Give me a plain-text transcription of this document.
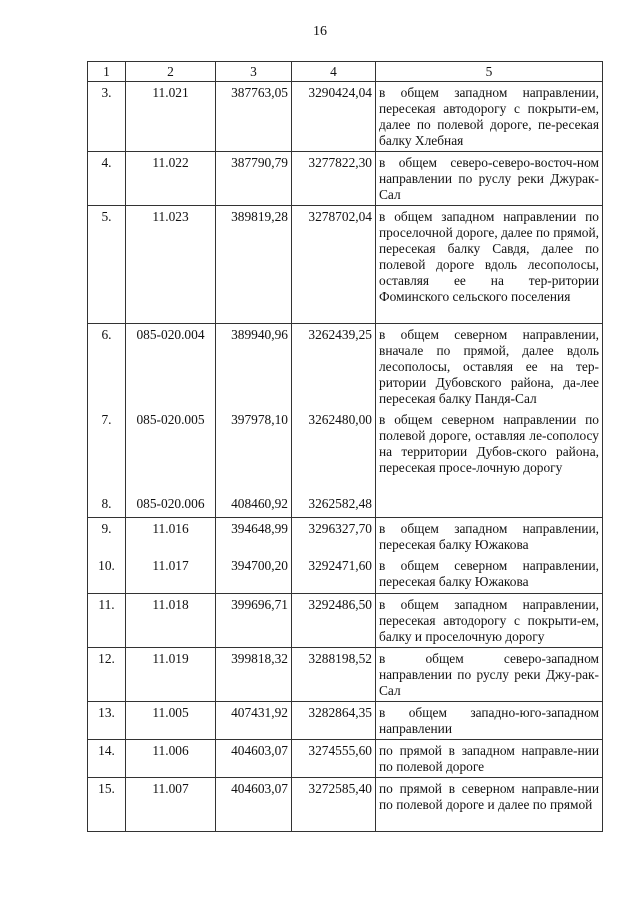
16
1	2	3	4	5
3.	11.021	387763,05	3290424,04	в общем западном направлении, пересекая автодорогу с покрыти-ем, далее по полевой дороге, пе-ресекая балку Хлебная
4.	11.022	387790,79	3277822,30	в общем северо-северо-восточ-ном направлении по руслу реки Джурак-Сал
5.	11.023	389819,28	3278702,04	в общем западном направлении по проселочной дороге, далее по прямой, пересекая балку Савдя, далее по полевой дороге вдоль лесополосы, оставляя ее на тер-ритории Фоминского сельского поселения
6.	085-020.004	389940,96	3262439,25	в общем северном направлении, вначале по прямой, далее вдоль лесополосы, оставляя ее на тер-ритории Дубовского района, да-лее пересекая балку Пандя-Сал
7.	085-020.005	397978,10	3262480,00	в общем северном направлении по полевой дороге, оставляя ле-сополосу на территории Дубов-ского района, пересекая просе-лочную дорогу
8.	085-020.006	408460,92	3262582,48	
9.	11.016	394648,99	3296327,70	в общем западном направлении, пересекая балку Южакова
10.	11.017	394700,20	3292471,60	в общем северном направлении, пересекая балку Южакова
11.	11.018	399696,71	3292486,50	в общем западном направлении, пересекая автодорогу с покрыти-ем, балку и проселочную дорогу
12.	11.019	399818,32	3288198,52	в общем северо-западном направлении по руслу реки Джу-рак-Сал
13.	11.005	407431,92	3282864,35	в общем западно-юго-западном направлении
14.	11.006	404603,07	3274555,60	по прямой в западном направле-нии по полевой дороге
15.	11.007	404603,07	3272585,40	по прямой в северном направле-нии по полевой дороге и далее по прямой
